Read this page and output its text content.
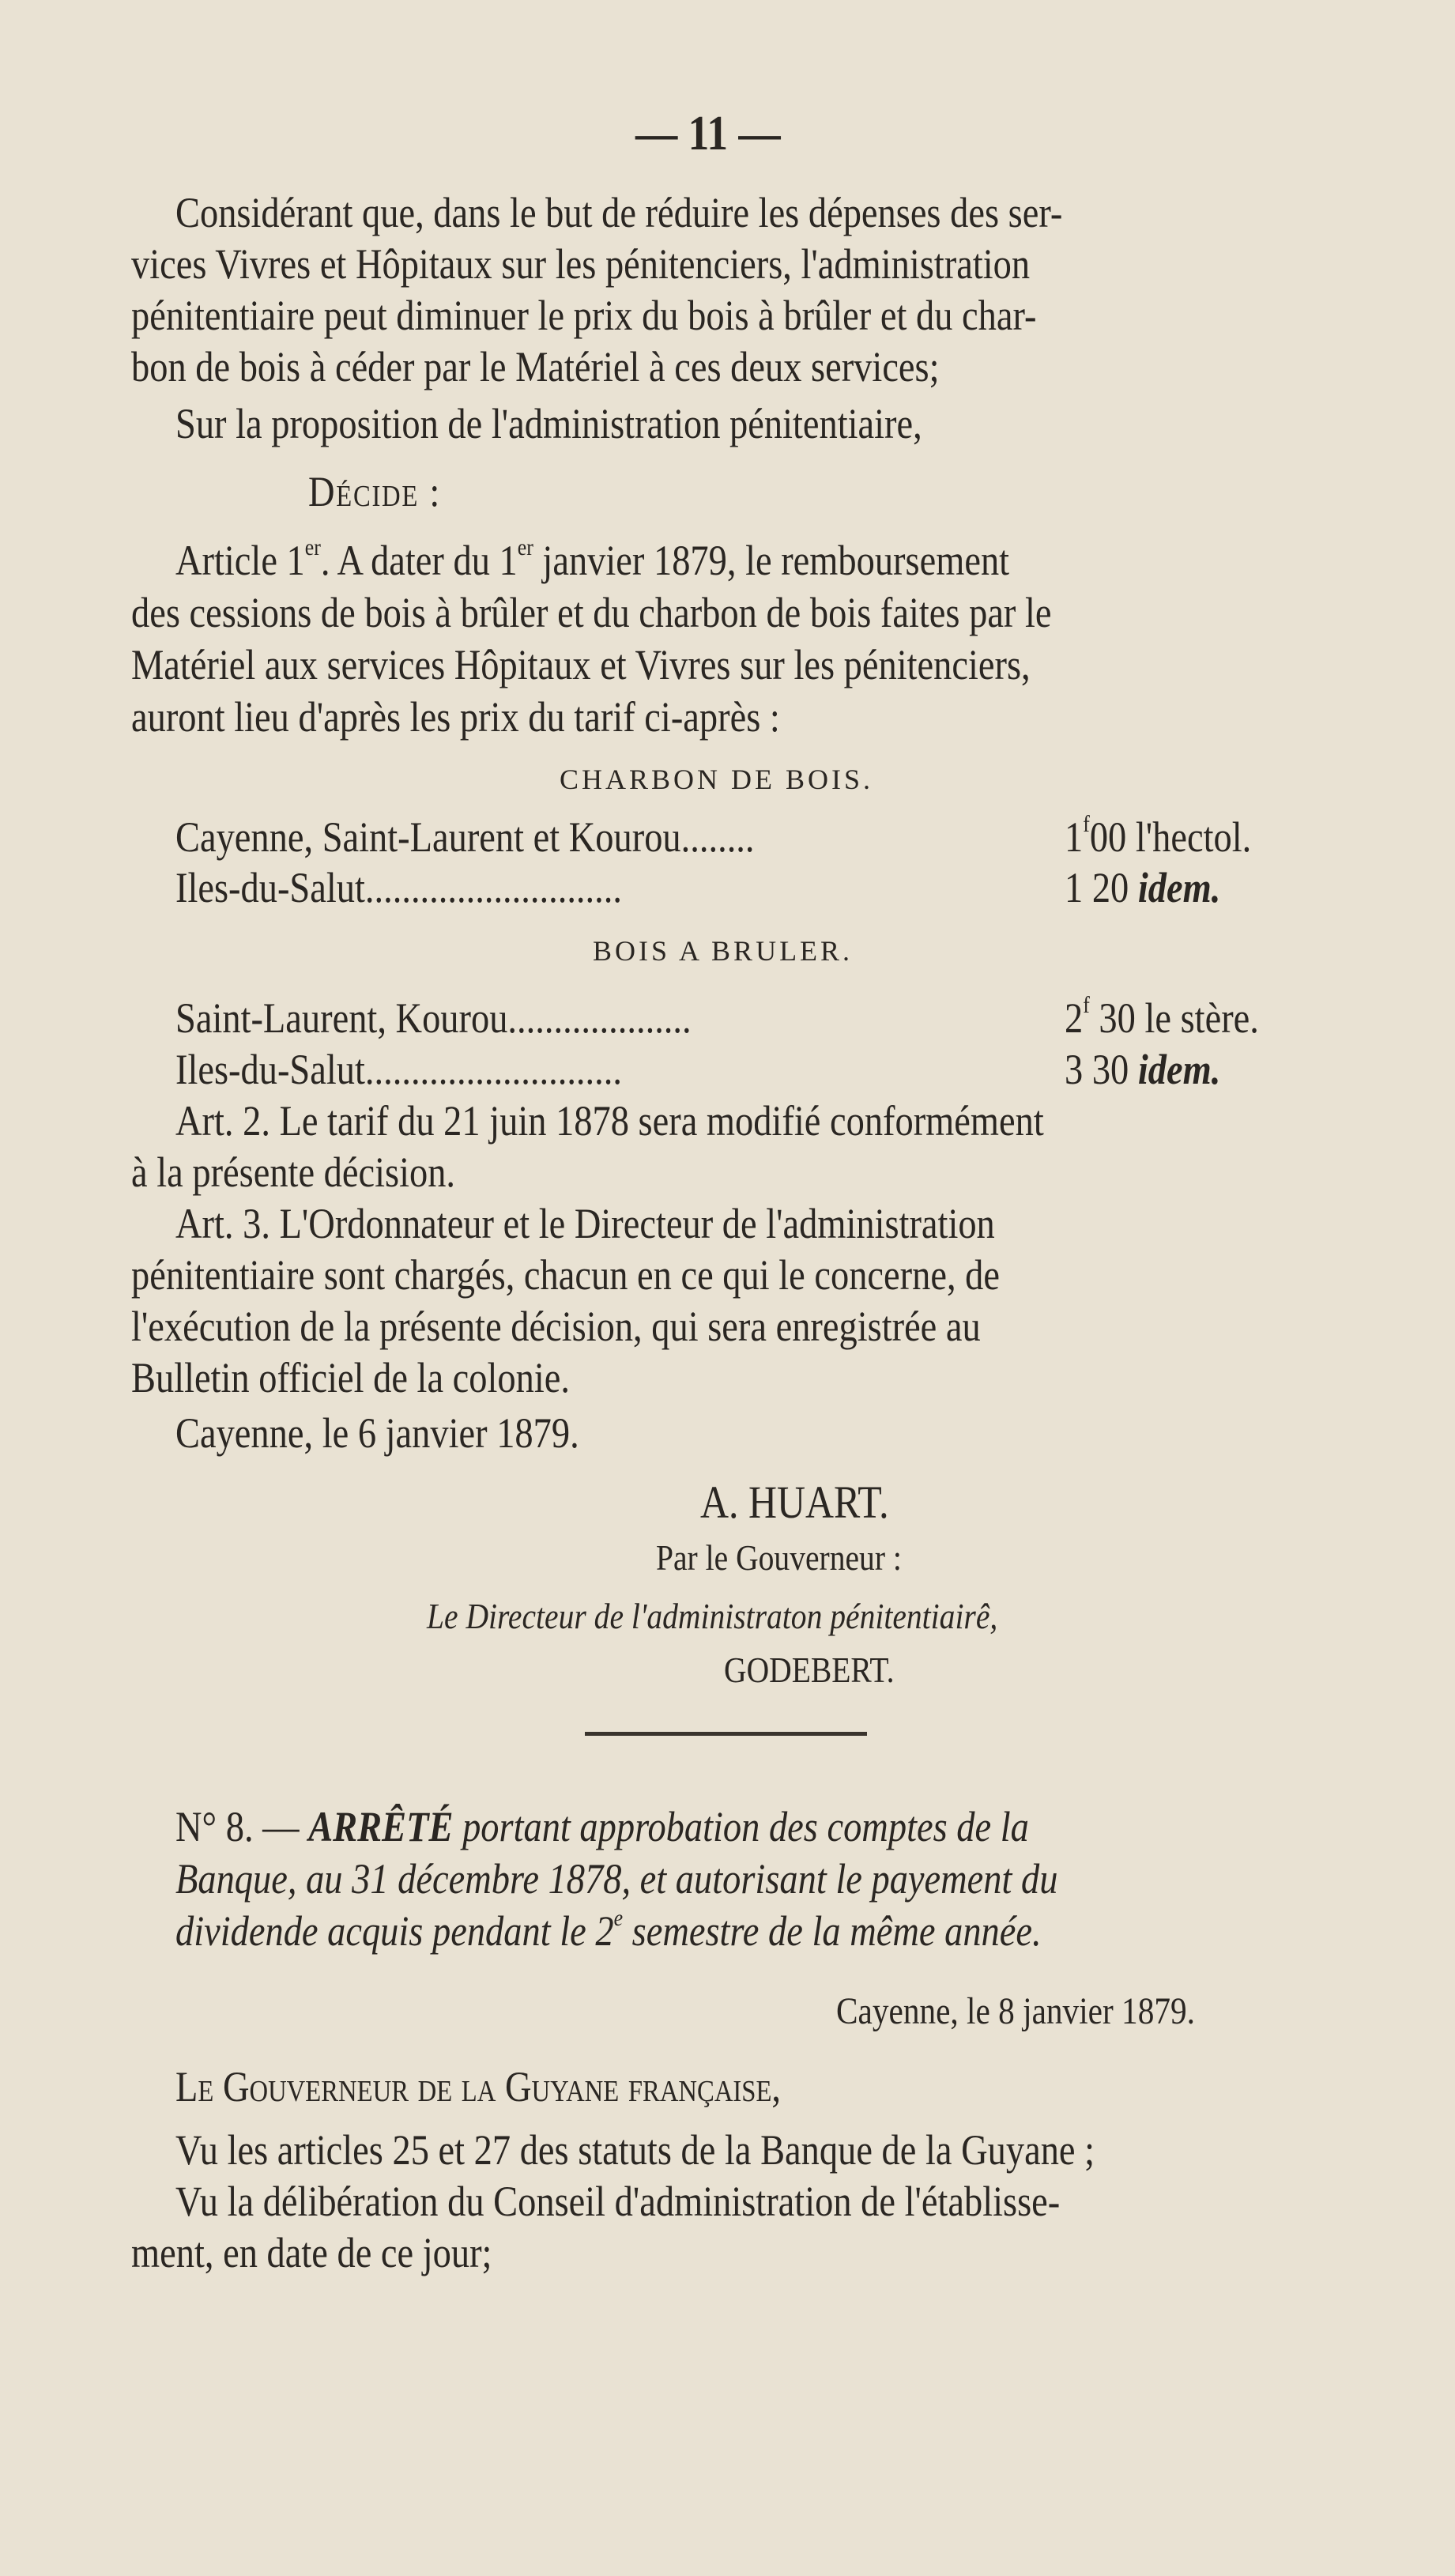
— 11 —
Considérant que, dans le but de réduire les dépenses des ser-
vices Vivres et Hôpitaux sur les pénitenciers, l'administration
pénitentiaire peut diminuer le prix du bois à brûler et du char-
bon de bois à céder par le Matériel à ces deux services;
Sur la proposition de l'administration pénitentiaire,
Décide :
Article 1er. A dater du 1er janvier 1879, le remboursement
des cessions de bois à brûler et du charbon de bois faites par le
Matériel aux services Hôpitaux et Vivres sur les pénitenciers,
auront lieu d'après les prix du tarif ci-après :
CHARBON DE BOIS.
Cayenne, Saint-Laurent et Kourou........	1$^f$00 l'hectol.
Iles-du-Salut............................	1 20 idem.
BOIS A BRULER.
Saint-Laurent, Kourou....................	2$^f$ 30 le stère.
Iles-du-Salut............................	3 30 idem.
Art. 2. Le tarif du 21 juin 1878 sera modifié conformément
à la présente décision.
Art. 3. L'Ordonnateur et le Directeur de l'administration
pénitentiaire sont chargés, chacun en ce qui le concerne, de
l'exécution de la présente décision, qui sera enregistrée au
Bulletin officiel de la colonie.
Cayenne, le 6 janvier 1879.
A. HUART.
Par le Gouverneur :
Le Directeur de l'administraton pénitentiairê,
GODEBERT.
N° 8. — ARRÊTÉ portant approbation des comptes de la
Banque, au 31 décembre 1878, et autorisant le payement du
dividende acquis pendant le 2e semestre de la même année.
Cayenne, le 8 janvier 1879.
Le Gouverneur de la Guyane française,
Vu les articles 25 et 27 des statuts de la Banque de la Guyane ;
Vu la délibération du Conseil d'administration de l'établisse-
ment, en date de ce jour;
